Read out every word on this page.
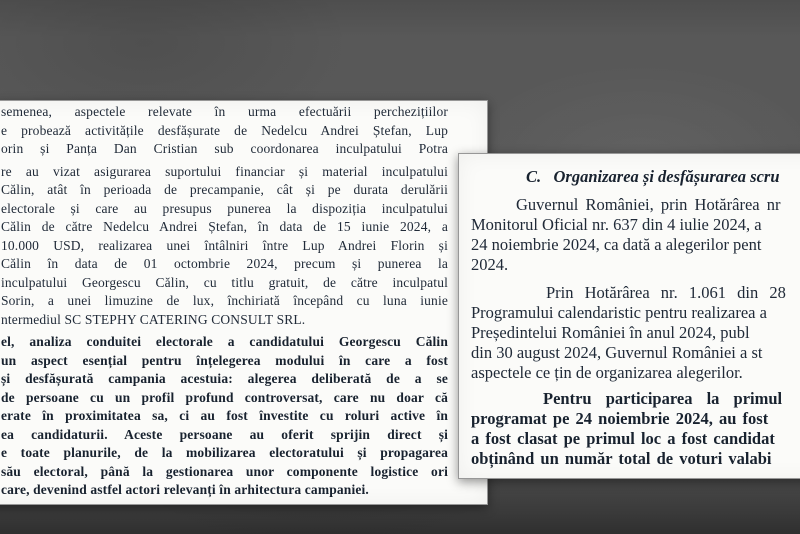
semenea, aspectele relevate în urma efectuării perchezițiilor
e probează activitățile desfășurate de Nedelcu Andrei Ștefan, Lup
orin și Panța Dan Cristian sub coordonarea inculpatului Potra
re au vizat asigurarea suportului financiar și material inculpatului
Călin, atât în perioada de precampanie, cât și pe durata derulării
electorale și care au presupus punerea la dispoziția inculpatului
Călin de către Nedelcu Andrei Ștefan, în data de 15 iunie 2024, a
10.000 USD, realizarea unei întâlniri între Lup Andrei Florin și
Călin în data de 01 octombrie 2024, precum și punerea la
inculpatului Georgescu Călin, cu titlu gratuit, de către inculpatul
Sorin, a unei limuzine de lux, închiriată începând cu luna iunie
ntermediul SC STEPHY CATERING CONSULT SRL.
el, analiza conduitei electorale a candidatului Georgescu Călin
un aspect esențial pentru înțelegerea modului în care a fost
și desfășurată campania acestuia: alegerea deliberată de a se
de persoane cu un profil profund controversat, care nu doar că
erate în proximitatea sa, ci au fost învestite cu roluri active în
ea candidaturii. Aceste persoane au oferit sprijin direct și
e toate planurile, de la mobilizarea electoratului și propagarea
său electoral, până la gestionarea unor componente logistice ori
care, devenind astfel actori relevanți în arhitectura campaniei.
C.   Organizarea și desfășurarea scru
Guvernul României, prin Hotărârea nr
Monitorul Oficial nr. 637 din 4 iulie 2024, a
24 noiembrie 2024, ca dată a alegerilor pent
2024.
Prin Hotărârea nr. 1.061 din 28
Programului calendaristic pentru realizarea a
Președintelui României în anul 2024, publ
din 30 august 2024, Guvernul României a st
aspectele ce țin de organizarea alegerilor.
Pentru participarea la primul
programat pe 24 noiembrie 2024, au fost
a fost clasat pe primul loc a fost candidat
obținând un număr total de voturi valabi
